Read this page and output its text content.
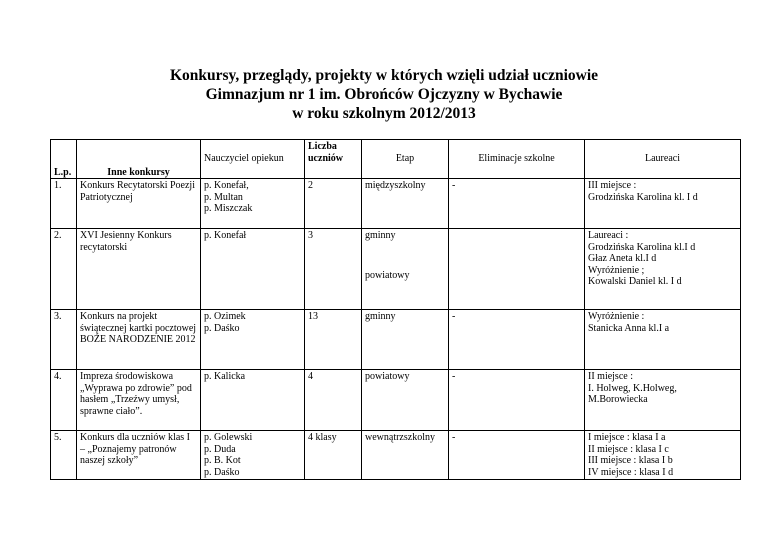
Konkursy, przeglądy, projekty w których wzięli udział uczniowie
Gimnazjum nr 1 im. Obrońców Ojczyzny w Bychawie
w roku szkolnym 2012/2013
L.p.	Inne konkursy	Nauczyciel opiekun	Liczba
uczniów	Etap	Eliminacje szkolne	Laureaci
1.	Konkurs Recytatorski Poezji Patriotycznej	p. Konefał,
p. Multan
p. Miszczak	2	międzyszkolny	-	III miejsce :
Grodzińska Karolina kl. I d

2.	XVI Jesienny Konkurs recytatorski	p. Konefał	3	gminny
powiatowy		Laureaci :
Grodzińska Karolina kl.I d
Głaz Aneta kl.I d
Wyróżnienie ;
Kowalski Daniel kl. I d

3.	Konkurs na projekt świątecznej kartki pocztowej BOŻE NARODZENIE 2012	p. Ozimek
p. Daśko	13	gminny	-	Wyróżnienie :
Stanicka Anna kl.I a

4.	Impreza środowiskowa „Wyprawa po zdrowie” pod hasłem „Trzeźwy umysł, sprawne ciało”.	p. Kalicka	4	powiatowy	-	II miejsce :
I. Holweg, K.Holweg,
M.Borowiecka

5.	Konkurs dla uczniów klas I – „Poznajemy patronów naszej szkoły”	p. Golewski
p. Duda
p. B. Kot
p. Daśko	4 klasy	wewnątrzszkolny	-	I miejsce : klasa I a
II miejsce : klasa I c
III miejsce : klasa I b
IV miejsce : klasa I d
